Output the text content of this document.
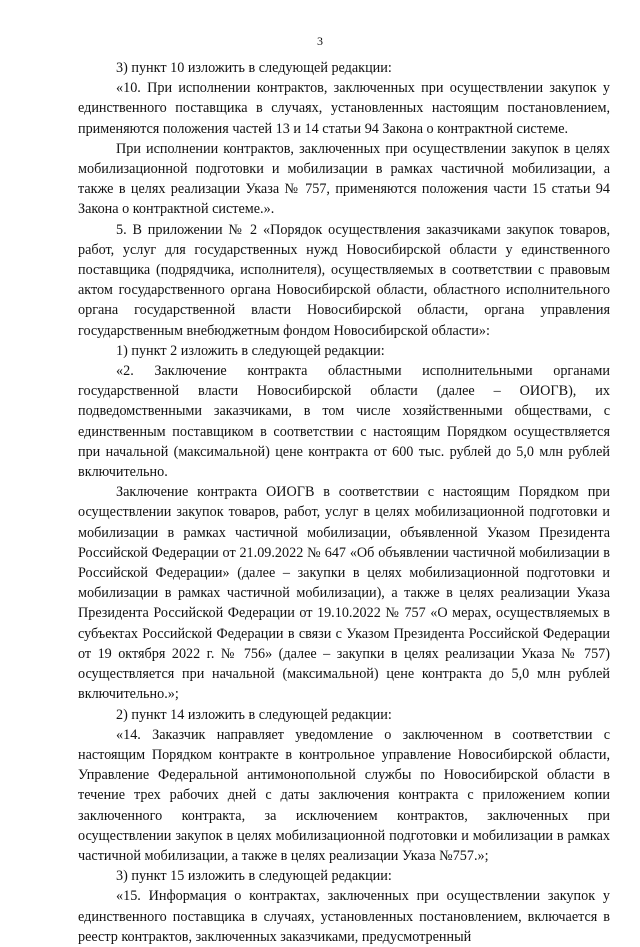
3

3) пункт 10 изложить в следующей редакции:

«10. При исполнении контрактов, заключенных при осуществлении закупок у единственного поставщика в случаях, установленных настоящим постановлением, применяются положения частей 13 и 14 статьи 94 Закона о контрактной системе.

При исполнении контрактов, заключенных при осуществлении закупок в целях мобилизационной подготовки и мобилизации в рамках частичной мобилизации, а также в целях реализации Указа № 757, применяются положения части 15 статьи 94 Закона о контрактной системе.».

5. В приложении № 2 «Порядок осуществления заказчиками закупок товаров, работ, услуг для государственных нужд Новосибирской области у единственного поставщика (подрядчика, исполнителя), осуществляемых в соответствии с правовым актом государственного органа Новосибирской области, областного исполнительного органа государственной власти Новосибирской области, органа управления государственным внебюджетным фондом Новосибирской области»:

1) пункт 2 изложить в следующей редакции:

«2. Заключение контракта областными исполнительными органами государственной власти Новосибирской области (далее – ОИОГВ), их подведомственными заказчиками, в том числе хозяйственными обществами, с единственным поставщиком в соответствии с настоящим Порядком осуществляется при начальной (максимальной) цене контракта от 600 тыс. рублей до 5,0 млн рублей включительно.

Заключение контракта ОИОГВ в соответствии с настоящим Порядком при осуществлении закупок товаров, работ, услуг в целях мобилизационной подготовки и мобилизации в рамках частичной мобилизации, объявленной Указом Президента Российской Федерации от 21.09.2022 № 647 «Об объявлении частичной мобилизации в Российской Федерации» (далее – закупки в целях мобилизационной подготовки и мобилизации в рамках частичной мобилизации), а также в целях реализации Указа Президента Российской Федерации от 19.10.2022 № 757 «О мерах, осуществляемых в субъектах Российской Федерации в связи с Указом Президента Российской Федерации от 19 октября 2022 г. № 756» (далее – закупки в целях реализации Указа № 757) осуществляется при начальной (максимальной) цене контракта до 5,0 млн рублей включительно.»;

2) пункт 14 изложить в следующей редакции:

«14. Заказчик направляет уведомление о заключенном в соответствии с настоящим Порядком контракте в контрольное управление Новосибирской области, Управление Федеральной антимонопольной службы по Новосибирской области в течение трех рабочих дней с даты заключения контракта с приложением копии заключенного контракта, за исключением контрактов, заключенных при осуществлении закупок в целях мобилизационной подготовки и мобилизации в рамках частичной мобилизации, а также в целях реализации Указа №757.»;

3) пункт 15 изложить в следующей редакции:

«15. Информация о контрактах, заключенных при осуществлении закупок у единственного поставщика в случаях, установленных постановлением, включается в реестр контрактов, заключенных заказчиками, предусмотренный
